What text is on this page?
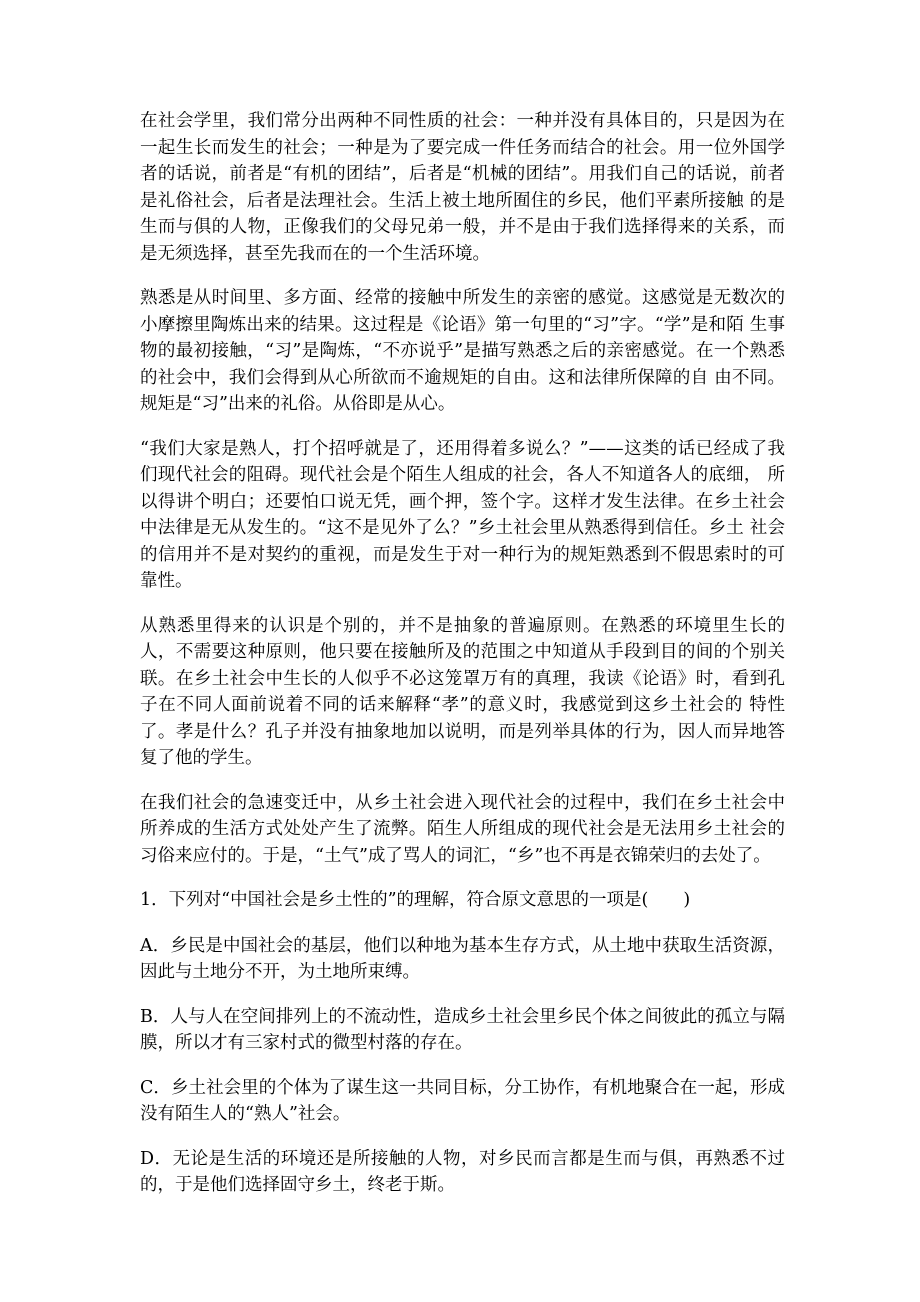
在社会学里，我们常分出两种不同性质的社会：一种并没有具体目的，只是因为在一起生长而发生的社会；一种是为了要完成一件任务而结合的社会。用一位外国学 者的话说，前者是“有机的团结”，后者是“机械的团结”。用我们自己的话说，前者是礼俗社会，后者是法理社会。生活上被土地所囿住的乡民，他们平素所接触 的是生而与俱的人物，正像我们的父母兄弟一般，并不是由于我们选择得来的关系，而是无须选择，甚至先我而在的一个生活环境。

熟悉是从时间里、多方面、经常的接触中所发生的亲密的感觉。这感觉是无数次的小摩擦里陶炼出来的结果。这过程是《论语》第一句里的“习”字。“学”是和陌 生事物的最初接触，“习”是陶炼，“不亦说乎”是描写熟悉之后的亲密感觉。在一个熟悉的社会中，我们会得到从心所欲而不逾规矩的自由。这和法律所保障的自 由不同。规矩是“习”出来的礼俗。从俗即是从心。

“我们大家是熟人，打个招呼就是了，还用得着多说么？”——这类的话已经成了我们现代社会的阻碍。现代社会是个陌生人组成的社会，各人不知道各人的底细， 所以得讲个明白；还要怕口说无凭，画个押，签个字。这样才发生法律。在乡土社会中法律是无从发生的。“这不是见外了么？”乡土社会里从熟悉得到信任。乡土 社会的信用并不是对契约的重视，而是发生于对一种行为的规矩熟悉到不假思索时的可靠性。

从熟悉里得来的认识是个别的，并不是抽象的普遍原则。在熟悉的环境里生长的人，不需要这种原则，他只要在接触所及的范围之中知道从手段到目的间的个别关 联。在乡土社会中生长的人似乎不必这笼罩万有的真理，我读《论语》时，看到孔子在不同人面前说着不同的话来解释“孝”的意义时，我感觉到这乡土社会的 特性了。孝是什么？孔子并没有抽象地加以说明，而是列举具体的行为，因人而异地答复了他的学生。

在我们社会的急速变迁中，从乡土社会进入现代社会的过程中，我们在乡土社会中所养成的生活方式处处产生了流弊。陌生人所组成的现代社会是无法用乡土社会的习俗来应付的。于是，“土气”成了骂人的词汇，“乡”也不再是衣锦荣归的去处了。

1．下列对“中国社会是乡土性的”的理解，符合原文意思的一项是(　　)

A．乡民是中国社会的基层，他们以种地为基本生存方式，从土地中获取生活资源，因此与土地分不开，为土地所束缚。

B．人与人在空间排列上的不流动性，造成乡土社会里乡民个体之间彼此的孤立与隔膜，所以才有三家村式的微型村落的存在。

C．乡土社会里的个体为了谋生这一共同目标，分工协作，有机地聚合在一起，形成没有陌生人的“熟人”社会。

D．无论是生活的环境还是所接触的人物，对乡民而言都是生而与俱，再熟悉不过的，于是他们选择固守乡土，终老于斯。
